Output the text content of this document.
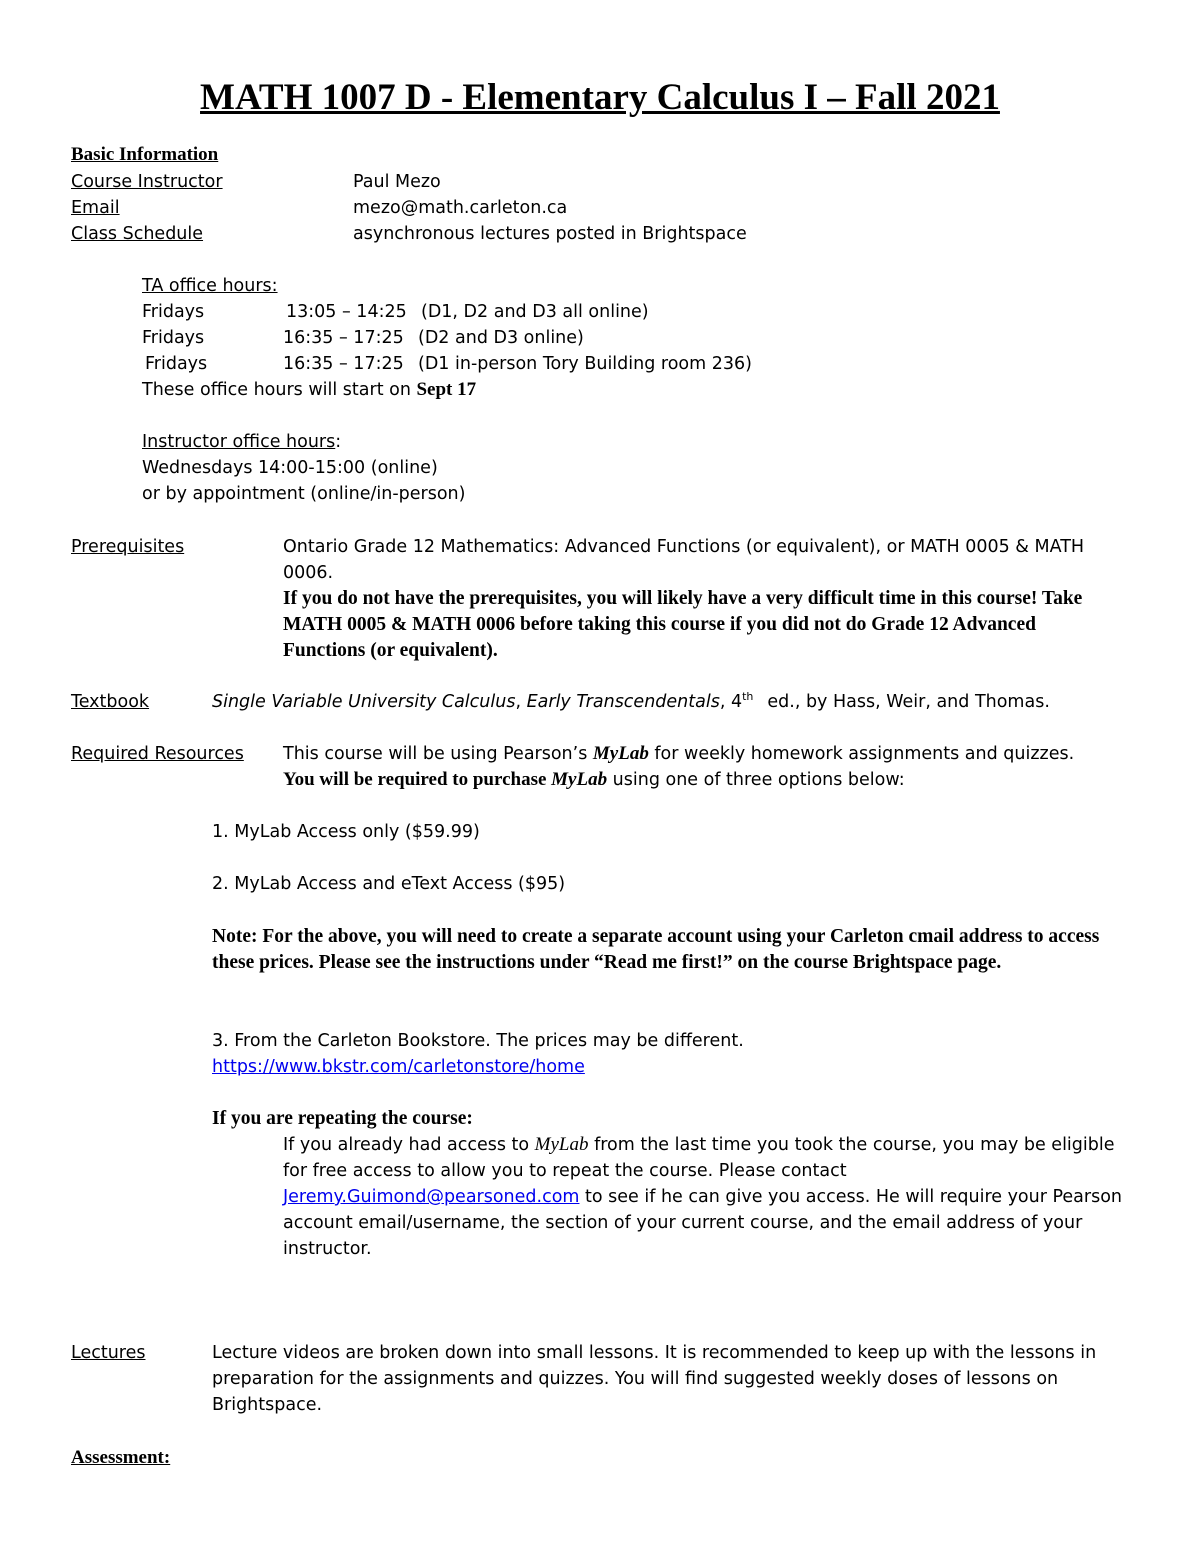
MATH 1007 D - Elementary Calculus I – Fall 2021
Basic Information
Course Instructor	Paul Mezo
Email	mezo@math.carleton.ca
Class Schedule	asynchronous lectures posted in Brightspace
TA office hours:
Fridays	13:05 – 14:25 (D1, D2 and D3 all online)
Fridays	16:35 – 17:25 (D2 and D3 online)
Fridays	16:35 – 17:25 (D1 in-person Tory Building room 236)
These office hours will start on Sept 17
Instructor office hours:
Wednesdays 14:00-15:00 (online)
or by appointment (online/in-person)
Prerequisites	Ontario Grade 12 Mathematics: Advanced Functions (or equivalent), or MATH 0005 & MATH 0006.
If you do not have the prerequisites, you will likely have a very difficult time in this course! Take MATH 0005 & MATH 0006 before taking this course if you did not do Grade 12 Advanced Functions (or equivalent).
Textbook	Single Variable University Calculus, Early Transcendentals, 4th ed., by Hass, Weir, and Thomas.
Required Resources This course will be using Pearson’s MyLab for weekly homework assignments and quizzes.
You will be required to purchase MyLab using one of three options below:
1. MyLab Access only ($59.99)
2. MyLab Access and eText Access ($95)
Note: For the above, you will need to create a separate account using your Carleton cmail address to access these prices. Please see the instructions under “Read me first!” on the course Brightspace page.
3. From the Carleton Bookstore. The prices may be different.
https://www.bkstr.com/carletonstore/home
If you are repeating the course:
If you already had access to MyLab from the last time you took the course, you may be eligible for free access to allow you to repeat the course. Please contact Jeremy.Guimond@pearsoned.com to see if he can give you access. He will require your Pearson account email/username, the section of your current course, and the email address of your instructor.
Lectures	Lecture videos are broken down into small lessons. It is recommended to keep up with the lessons in preparation for the assignments and quizzes. You will find suggested weekly doses of lessons on Brightspace.
Assessment:
